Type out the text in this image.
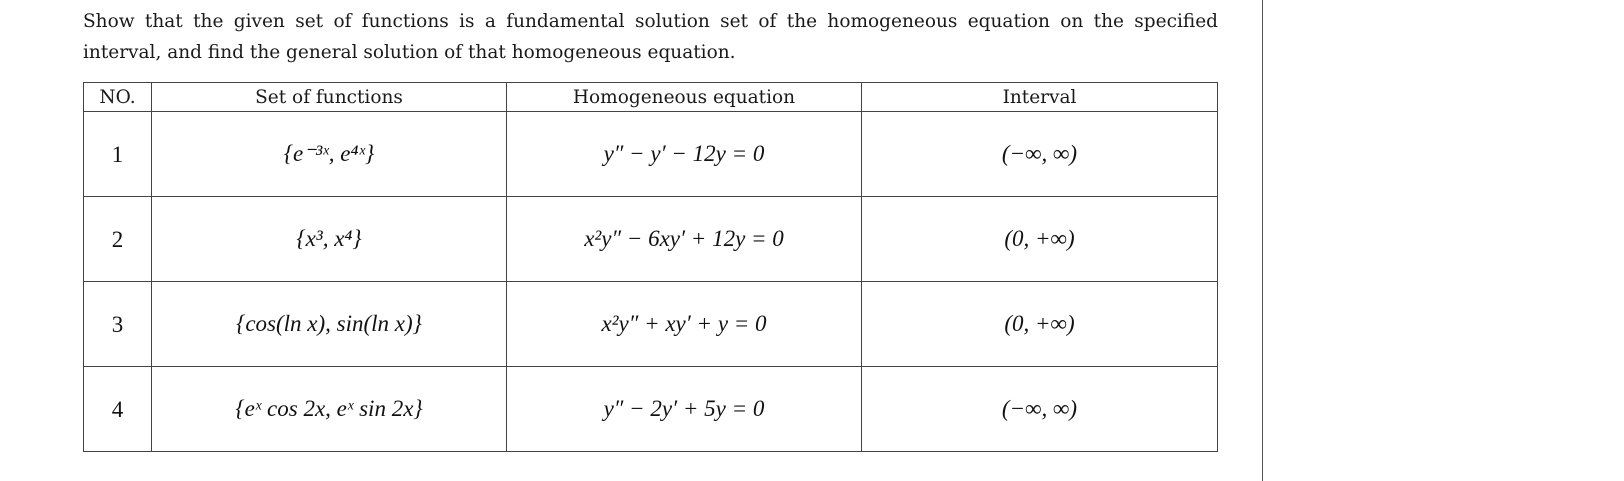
Show that the given set of functions is a fundamental solution set of the homogeneous equation on the specified interval, and find the general solution of that homogeneous equation.
NO.	Set of functions	Homogeneous equation	Interval
1	{e⁻³ˣ, e⁴ˣ}	y″ − y′ − 12y = 0	(−∞, ∞)
2	{x³, x⁴}	x²y″ − 6xy′ + 12y = 0	(0, +∞)
3	{cos(ln x), sin(ln x)}	x²y″ + xy′ + y = 0	(0, +∞)
4	{eˣ cos 2x, eˣ sin 2x}	y″ − 2y′ + 5y = 0	(−∞, ∞)
